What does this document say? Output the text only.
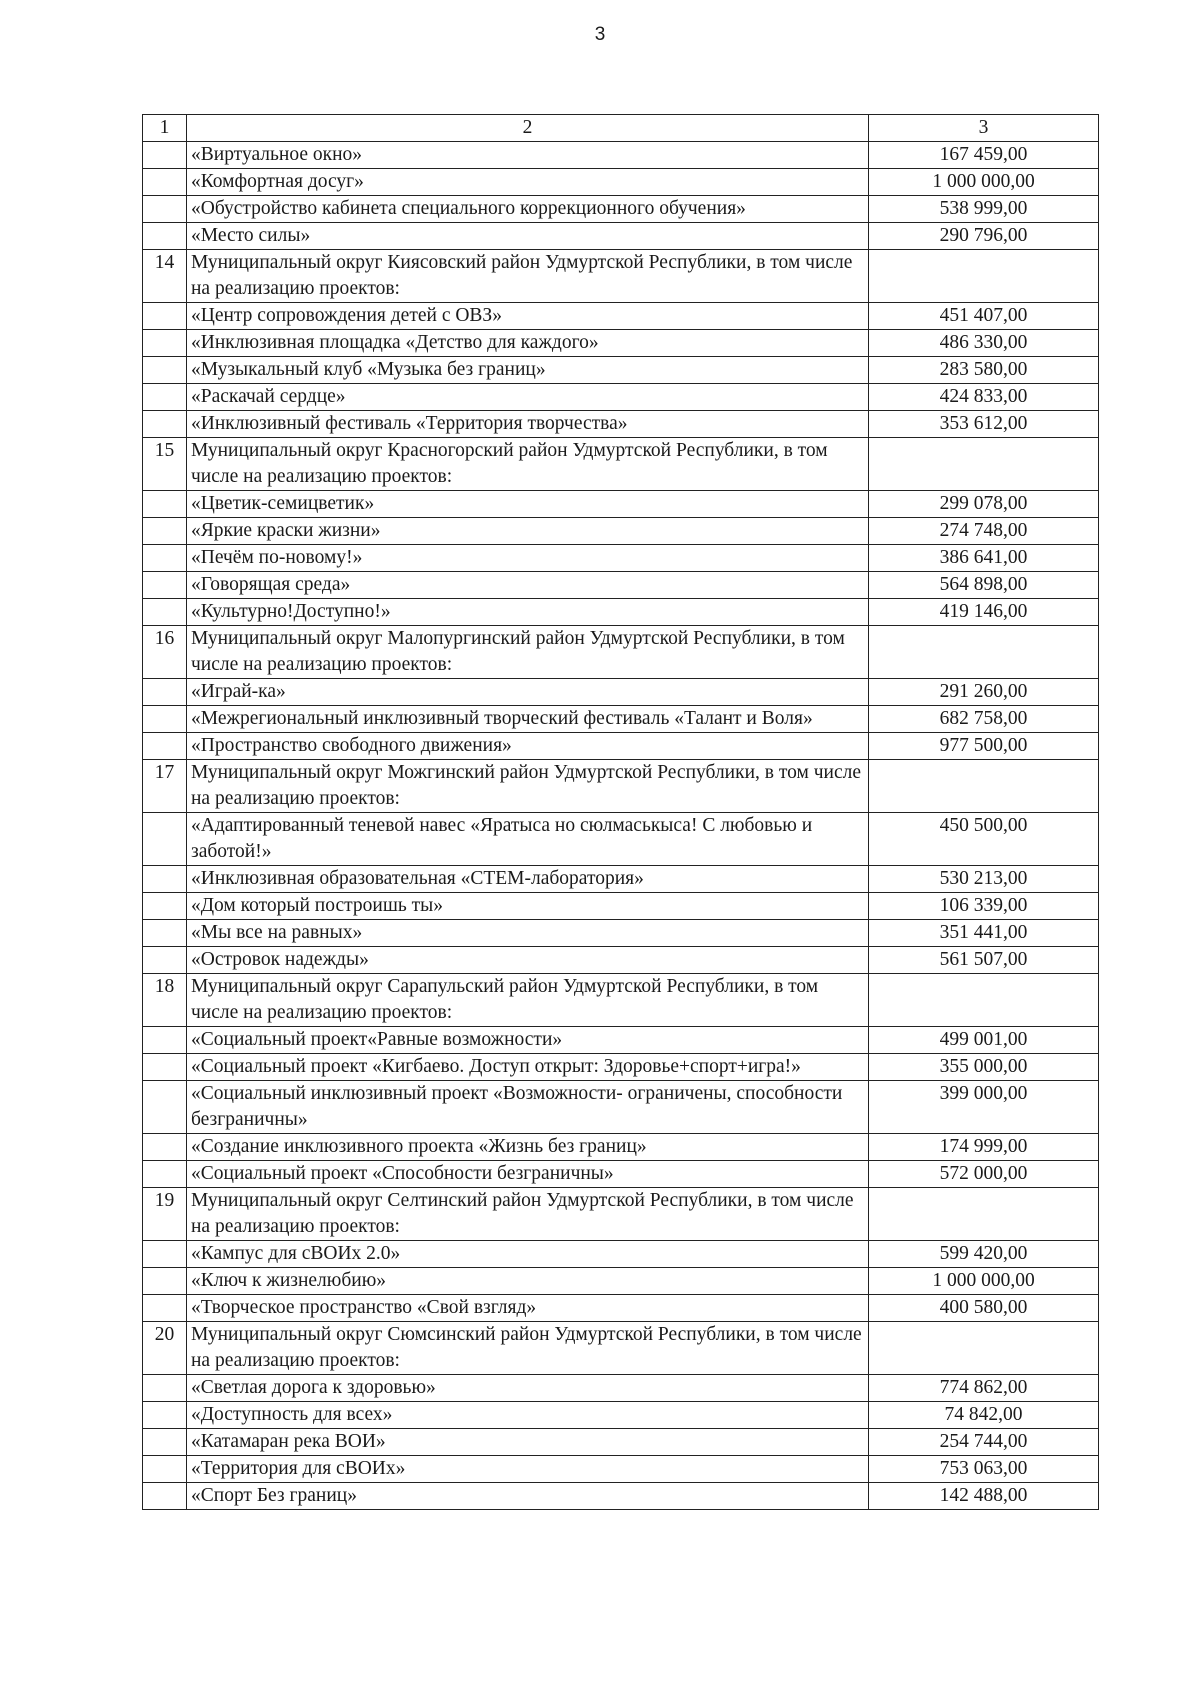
3
1	2	3
	«Виртуальное окно»	167 459,00
	«Комфортная досуг»	1 000 000,00
	«Обустройство кабинета специального коррекционного обучения»	538 999,00
	«Место силы»	290 796,00
14	Муниципальный округ Киясовский район Удмуртской Республики, в том числе на реализацию проектов:	
	«Центр сопровождения детей с ОВЗ»	451 407,00
	«Инклюзивная площадка «Детство для каждого»	486 330,00
	«Музыкальный клуб «Музыка без границ»	283 580,00
	«Раскачай сердце»	424 833,00
	«Инклюзивный фестиваль «Территория творчества»	353 612,00
15	Муниципальный округ Красногорский район Удмуртской Республики, в том числе на реализацию проектов:	
	«Цветик-семицветик»	299 078,00
	«Яркие краски жизни»	274 748,00
	«Печём по-новому!»	386 641,00
	«Говорящая среда»	564 898,00
	«Культурно!Доступно!»	419 146,00
16	Муниципальный округ Малопургинский район Удмуртской Республики, в том числе на реализацию проектов:	
	«Играй-ка»	291 260,00
	«Межрегиональный инклюзивный творческий фестиваль «Талант и Воля»	682 758,00
	«Пространство свободного движения»	977 500,00
17	Муниципальный округ Можгинский район Удмуртской Республики, в том числе на реализацию проектов:	
	«Адаптированный теневой навес «Яратыса но сюлмаськыса! С любовью и заботой!»	450 500,00
	«Инклюзивная образовательная «СТЕМ-лаборатория»	530 213,00
	«Дом который построишь ты»	106 339,00
	«Мы все на равных»	351 441,00
	«Островок надежды»	561 507,00
18	Муниципальный округ Сарапульский район Удмуртской Республики, в том числе на реализацию проектов:	
	«Социальный проект«Равные возможности»	499 001,00
	«Социальный проект «Кигбаево. Доступ открыт: Здоровье+спорт+игра!»	355 000,00
	«Социальный инклюзивный проект «Возможности- ограничены, способности безграничны»	399 000,00
	«Создание инклюзивного проекта «Жизнь без границ»	174 999,00
	«Социальный проект «Способности безграничны»	572 000,00
19	Муниципальный округ Селтинский район Удмуртской Республики, в том числе на реализацию проектов:	
	«Кампус для сВОИх 2.0»	599 420,00
	«Ключ к жизнелюбию»	1 000 000,00
	«Творческое пространство «Свой взгляд»	400 580,00
20	Муниципальный округ Сюмсинский район Удмуртской Республики, в том числе на реализацию проектов:	
	«Светлая дорога к здоровью»	774 862,00
	«Доступность для всех»	74 842,00
	«Катамаран река ВОИ»	254 744,00
	«Территория для сВОИх»	753 063,00
	«Спорт Без границ»	142 488,00
